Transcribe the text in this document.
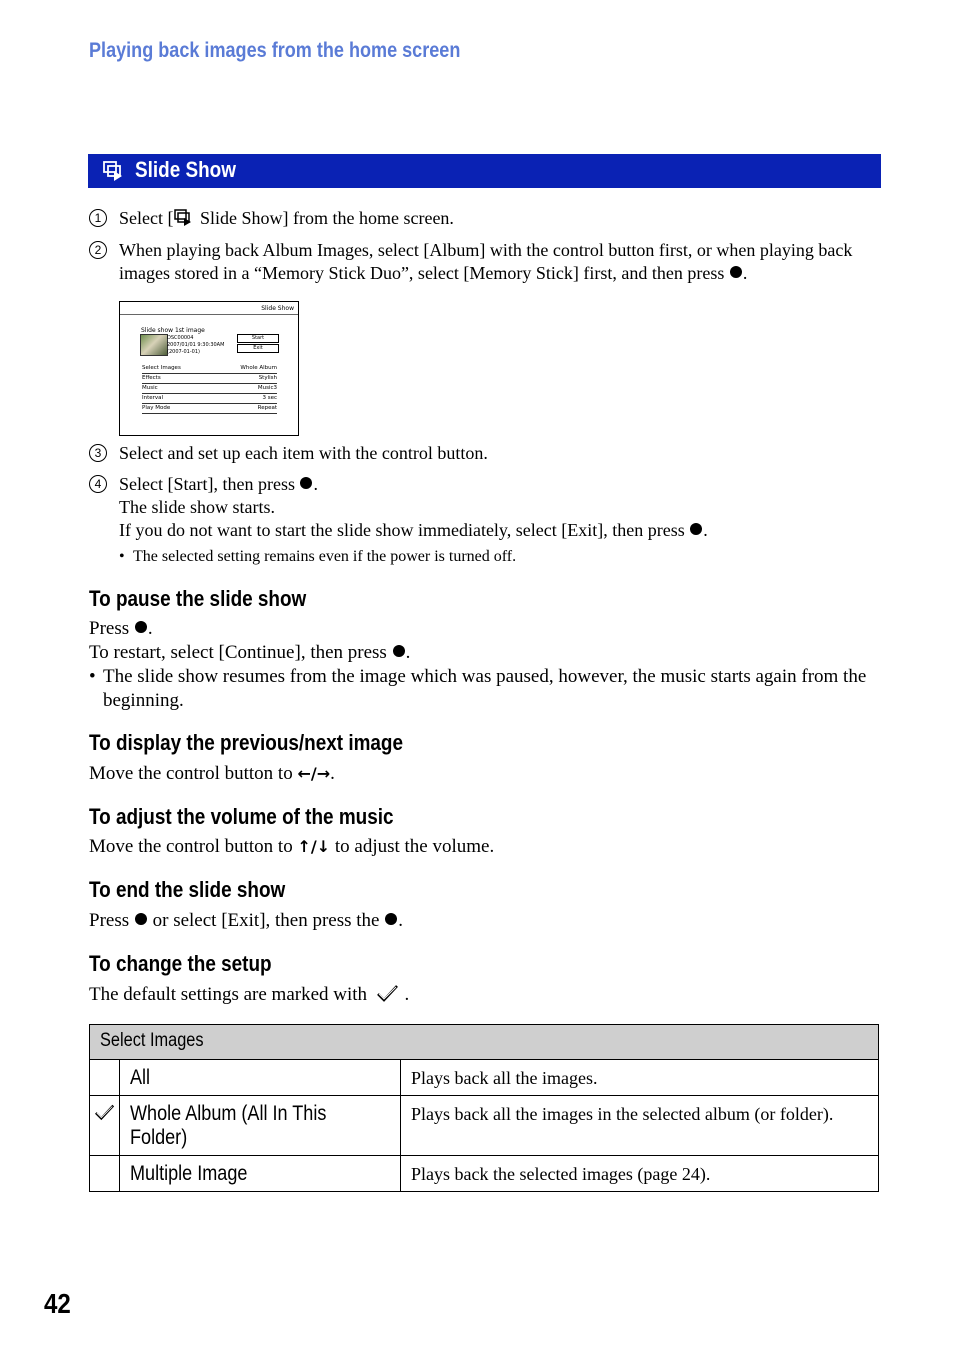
Playing back images from the home screen
Slide Show
1 Select [ Slide Show] from the home screen.
2 When playing back Album Images, select [Album] with the control button first, or when playing back images stored in a “Memory Stick Duo”, select [Memory Stick] first, and then press .
Slide Show
Slide show 1st image
DSC00004
2007/01/01 9:30:30AM
(2007-01-01)
Start
Exit
Select Images	Whole Album
Effects	Stylish
Music	Music3
Interval	3 sec
Play Mode	Repeat
3 Select and set up each item with the control button.
4 Select [Start], then press .
The slide show starts.
If you do not want to start the slide show immediately, select [Exit], then press .
• The selected setting remains even if the power is turned off.
To pause the slide show
Press .
To restart, select [Continue], then press .
• The slide show resumes from the image which was paused, however, the music starts again from the beginning.
To display the previous/next image
Move the control button to ←/→.
To adjust the volume of the music
Move the control button to ↑/↓ to adjust the volume.
To end the slide show
Press  or select [Exit], then press the .
To change the setup
The default settings are marked with .
Select Images		

	All	Plays back all the images.

Whole Album (All In This Folder)	Plays back all the images in the selected album (or folder).

	Multiple Image	Plays back the selected images (page 24).
42
